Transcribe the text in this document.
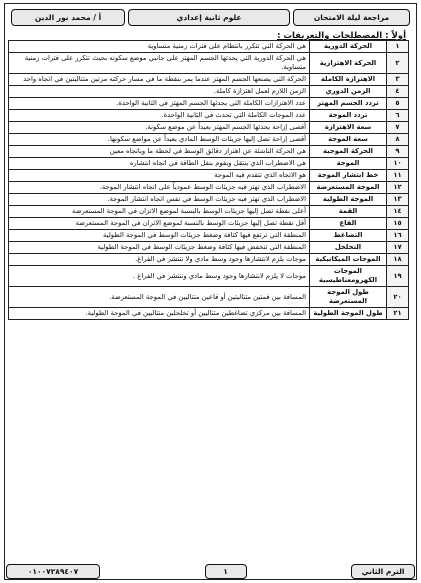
مراجعة ليلة الامتحان
علوم ثانية إعدادي
أ / محمد نور الدين
أولاً : المصطلحات والتعريفات :
١	الحركة الدورية	هي الحركة التي تتكرر بانتظام على فترات زمنية متساوية
٢	الحركة الاهتزازية	هي الحركة الدورية التي يحدثها الجسم المهتز على جانبي موضع سكونه بحيث تتكرر على فترات زمنية متساوية.
٣	الاهتزازة الكاملة	الحركة التي يصنعها الجسم المهتز عندما يمر بنقطة ما في مسار حركته مرتين متتاليتين في اتجاه واحد
٤	الزمن الدوري	الزمن اللازم لعمل اهتزازة كاملة.
٥	تردد الجسم المهتز	عدد الاهتزازات الكاملة التي يحدثها الجسم المهتز في الثانية الواحدة.
٦	تردد الموجة	عدد الموجات الكاملة التي تحدث في الثانية الواحدة.
٧	سعة الاهتزازة	أقصى إزاحة يحدثها الجسم المهتز بعيداً عن موضع سكونة.
٨	سعة الموجة	أقصى إزاحة تصل إليها جزيئات الوسط المادي بعيداً عن مواضع سكونها.
٩	الحركة الموجية	هي الحركة الناشئة عن اهتزاز دقائق الوسط في لحظة ما وباتجاه معين
١٠	الموجة	هي الاضطراب الذي ينتقل ويقوم بنقل الطاقة في اتجاه انتشاره
١١	خط انتشار الموجة	هو الاتجاه الذي تتقدم فيه الموجة
١٢	الموجة المستعرضة	الاضطراب الذي تهتز فيه جزيئات الوسط عمودياً على اتجاه انتشار الموجة.
١٣	الموجة الطولية	الاضطراب الذي تهتز فيه جزيئات الوسط في نفس اتجاه انتشار الموجة.
١٤	القمة	أعلى نقطة تصل إليها جزيئات الوسط بالنسبة لموضع الاتزان في الموجة المستعرضة
١٥	القاع	أقل نقطة تصل إليها جزيئات الوسط بالنسبة لموضع الاتزان في الموجة المستعرضة
١٦	التضاغط	المنطقة التي ترتفع فيها كثافة وضغط جزيئات الوسط في الموجة الطولية
١٧	التخلخل	المنطقة التي تنخفض فيها كثافة وضغط جزيئات الوسط في الموجة الطولية
١٨	الموجات الميكانيكية	موجات يلزم لانتشارها وجود وسط مادي ولا تنتشر في الفراغ.
١٩	الموجات الكهرومغناطيسية	موجات لا يلزم لانتشارها وجود وسط مادي وتنتشر في الفراغ .
٢٠	طول الموجة المستعرضة	المسافة بين قمتين متتاليتين أو قاعين متتاليين في الموجة المستعرضة.
٢١	طول الموجة الطولية	المسافة بين مركزي تضاغطين متتاليين أو تخلخلين متتاليين في الموجة الطولية.
الترم الثاني
١
٠١٠٠٧٢٨٩٤٠٧
